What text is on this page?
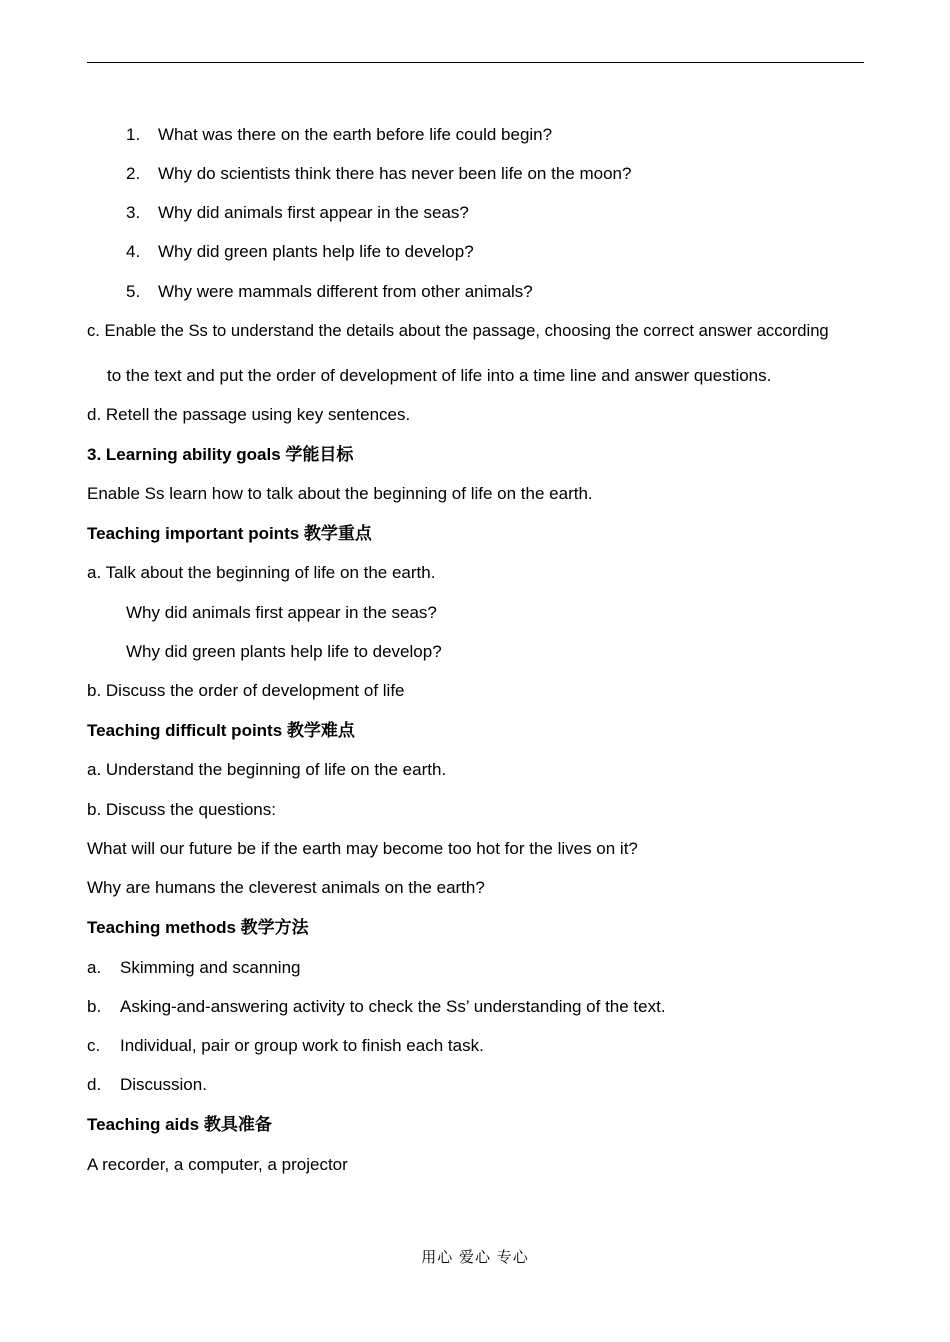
1.	What was there on the earth before life could begin?
2.	Why do scientists think there has never been life on the moon?
3.	Why did animals first appear in the seas?
4.	Why did green plants help life to develop?
5.	Why were mammals different from other animals?
c. Enable the Ss to understand the details about the passage, choosing the correct answer according
to the text and put the order of development of life into a time line and answer questions.
d. Retell the passage using key sentences.
3. Learning ability goals 学能目标
Enable Ss learn how to talk about the beginning of life on the earth.
Teaching important points 教学重点
a. Talk about the beginning of life on the earth.
Why did animals first appear in the seas?
Why did green plants help life to develop?
b. Discuss the order of development of life
Teaching difficult points 教学难点
a. Understand the beginning of life on the earth.
b. Discuss the questions:
What will our future be if the earth may become too hot for the lives on it?
Why are humans the cleverest animals on the earth?
Teaching methods 教学方法
a.	Skimming and scanning
b.	Asking-and-answering activity to check the Ss’ understanding of the text.
c.	Individual, pair or group work to finish each task.
d.	Discussion.
Teaching aids 教具准备
A recorder, a computer, a projector
用心 爱心 专心
